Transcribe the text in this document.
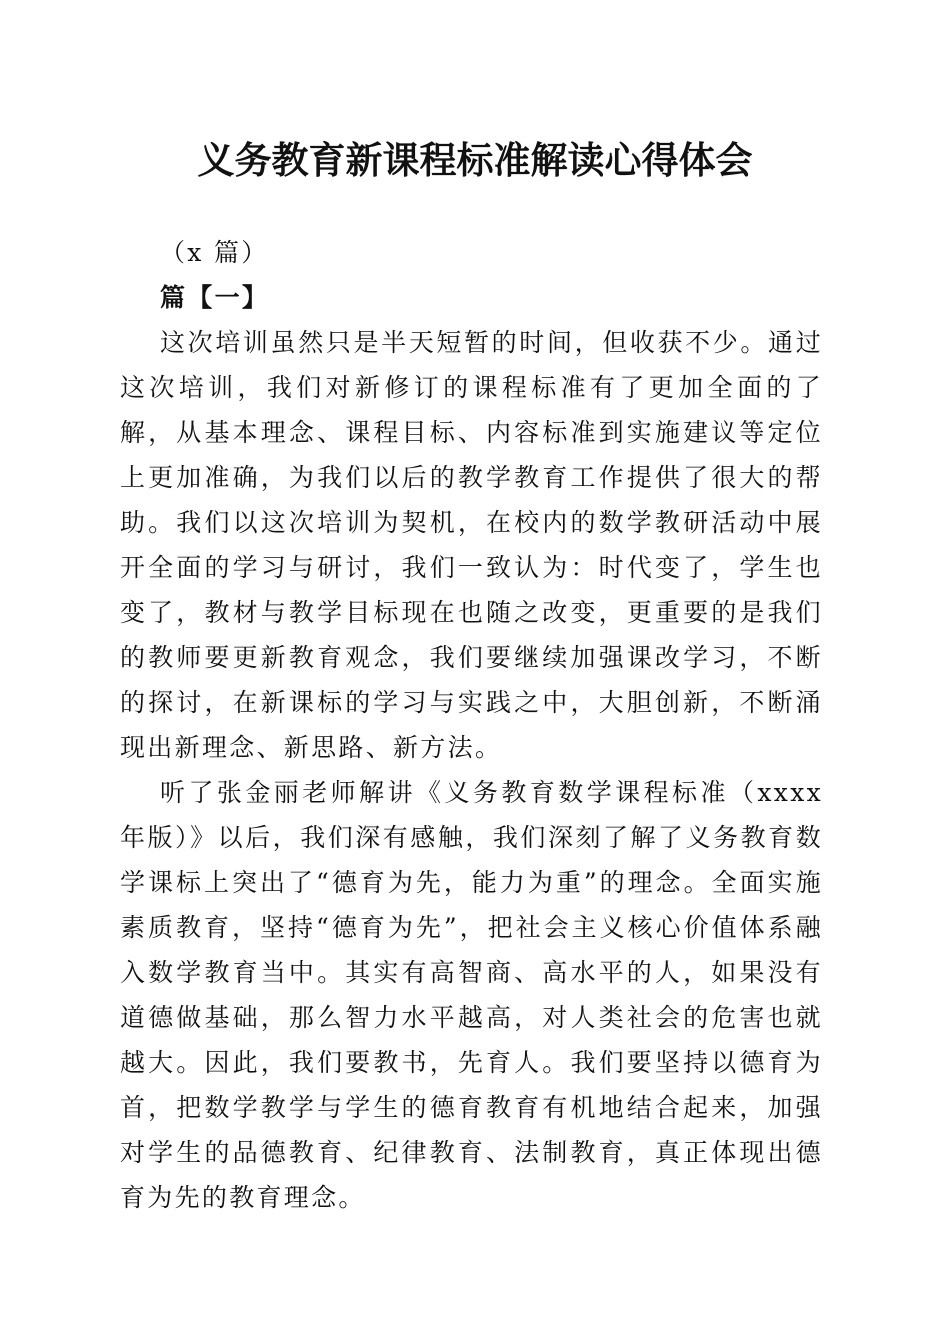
义务教育新课程标准解读心得体会

（x 篇）

篇【一】

这次培训虽然只是半天短暂的时间，但收获不少。通过这次培训，我们对新修订的课程标准有了更加全面的了解，从基本理念、课程目标、内容标准到实施建议等定位上更加准确，为我们以后的教学教育工作提供了很大的帮助。我们以这次培训为契机，在校内的数学教研活动中展开全面的学习与研讨，我们一致认为：时代变了，学生也变了，教材与教学目标现在也随之改变，更重要的是我们的教师要更新教育观念，我们要继续加强课改学习，不断的探讨，在新课标的学习与实践之中，大胆创新，不断涌现出新理念、新思路、新方法。

听了张金丽老师解讲《义务教育数学课程标准（xxxx 年版）》以后，我们深有感触，我们深刻了解了义务教育数学课标上突出了“德育为先，能力为重”的理念。全面实施素质教育，坚持“德育为先”，把社会主义核心价值体系融入数学教育当中。其实有高智商、高水平的人，如果没有道德做基础，那么智力水平越高，对人类社会的危害也就越大。因此，我们要教书，先育人。我们要坚持以德育为首，把数学教学与学生的德育教育有机地结合起来，加强对学生的品德教育、纪律教育、法制教育，真正体现出德育为先的教育理念。
